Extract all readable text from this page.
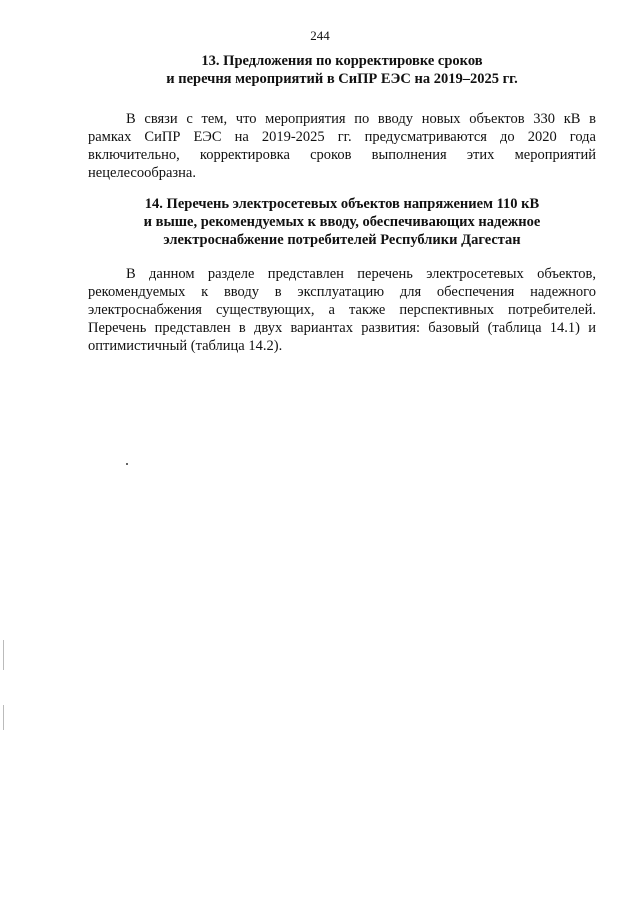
244
13. Предложения по корректировке сроков
и перечня мероприятий в СиПР ЕЭС на 2019–2025 гг.
В связи с тем, что мероприятия по вводу новых объектов 330 кВ в
рамках СиПР ЕЭС на 2019-2025 гг. предусматриваются до 2020 года
включительно, корректировка сроков выполнения этих мероприятий
нецелесообразна.
14. Перечень электросетевых объектов напряжением 110 кВ
и выше, рекомендуемых к вводу, обеспечивающих надежное
электроснабжение потребителей Республики Дагестан
В данном разделе представлен перечень электросетевых объектов,
рекомендуемых к вводу в эксплуатацию для обеспечения надежного
электроснабжения существующих, а также перспективных потребителей.
Перечень представлен в двух вариантах развития: базовый (таблица 14.1) и
оптимистичный (таблица 14.2).
